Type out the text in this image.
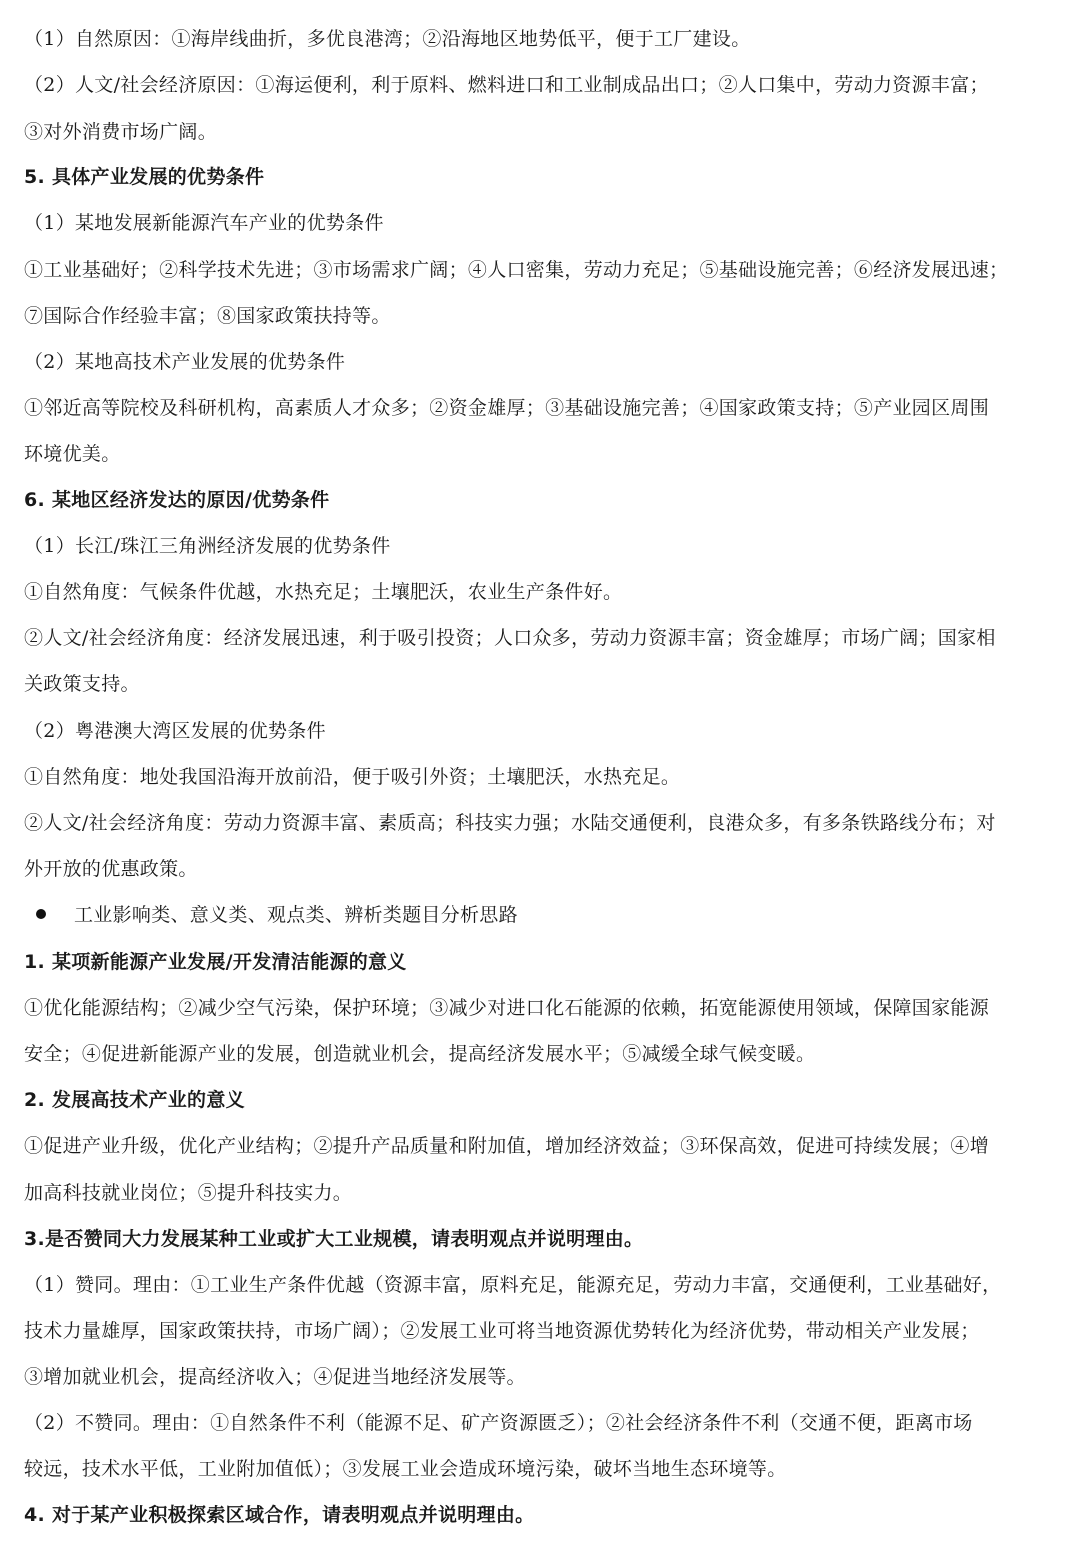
（1）自然原因：①海岸线曲折，多优良港湾；②沿海地区地势低平，便于工厂建设。
（2）人文/社会经济原因：①海运便利，利于原料、燃料进口和工业制成品出口；②人口集中，劳动力资源丰富；
③对外消费市场广阔。
5. 具体产业发展的优势条件
（1）某地发展新能源汽车产业的优势条件
①工业基础好；②科学技术先进；③市场需求广阔；④人口密集，劳动力充足；⑤基础设施完善；⑥经济发展迅速；
⑦国际合作经验丰富；⑧国家政策扶持等。
（2）某地高技术产业发展的优势条件
①邻近高等院校及科研机构，高素质人才众多；②资金雄厚；③基础设施完善；④国家政策支持；⑤产业园区周围
环境优美。
6. 某地区经济发达的原因/优势条件
（1）长江/珠江三角洲经济发展的优势条件
①自然角度：气候条件优越，水热充足；土壤肥沃，农业生产条件好。
②人文/社会经济角度：经济发展迅速，利于吸引投资；人口众多，劳动力资源丰富；资金雄厚；市场广阔；国家相
关政策支持。
（2）粤港澳大湾区发展的优势条件
①自然角度：地处我国沿海开放前沿，便于吸引外资；土壤肥沃，水热充足。
②人文/社会经济角度：劳动力资源丰富、素质高；科技实力强；水陆交通便利，良港众多，有多条铁路线分布；对
外开放的优惠政策。
工业影响类、意义类、观点类、辨析类题目分析思路
1. 某项新能源产业发展/开发清洁能源的意义
①优化能源结构；②减少空气污染，保护环境；③减少对进口化石能源的依赖，拓宽能源使用领域，保障国家能源
安全；④促进新能源产业的发展，创造就业机会，提高经济发展水平；⑤减缓全球气候变暖。
2. 发展高技术产业的意义
①促进产业升级，优化产业结构；②提升产品质量和附加值，增加经济效益；③环保高效，促进可持续发展；④增
加高科技就业岗位；⑤提升科技实力。
3.是否赞同大力发展某种工业或扩大工业规模，请表明观点并说明理由。
（1）赞同。理由：①工业生产条件优越（资源丰富，原料充足，能源充足，劳动力丰富，交通便利，工业基础好，
技术力量雄厚，国家政策扶持，市场广阔）；②发展工业可将当地资源优势转化为经济优势，带动相关产业发展；
③增加就业机会，提高经济收入；④促进当地经济发展等。
（2）不赞同。理由：①自然条件不利（能源不足、矿产资源匮乏）；②社会经济条件不利（交通不便，距离市场
较远，技术水平低，工业附加值低）；③发展工业会造成环境污染，破坏当地生态环境等。
4. 对于某产业积极探索区域合作，请表明观点并说明理由。
